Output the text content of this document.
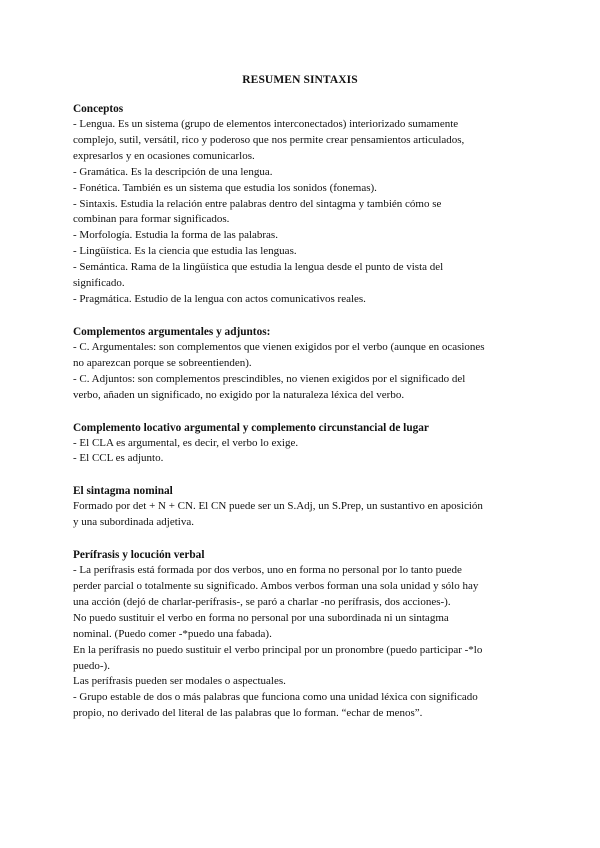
RESUMEN SINTAXIS
Conceptos
- Lengua. Es un sistema (grupo de elementos interconectados) interiorizado sumamente
complejo, sutil, versátil, rico y poderoso que nos permite crear pensamientos articulados,
expresarlos y en ocasiones comunicarlos.
- Gramática. Es la descripción de una lengua.
- Fonética. También es un sistema que estudia los sonidos (fonemas).
- Sintaxis. Estudia la relación entre palabras dentro del sintagma y también cómo se
combinan para formar significados.
- Morfología. Estudia la forma de las palabras.
- Lingüística. Es la ciencia que estudia las lenguas.
- Semántica. Rama de la lingüística que estudia la lengua desde el punto de vista del
significado.
- Pragmática. Estudio de la lengua con actos comunicativos reales.
Complementos argumentales y adjuntos:
- C. Argumentales: son complementos que vienen exigidos por el verbo (aunque en ocasiones
no aparezcan porque se sobreentienden).
- C. Adjuntos: son complementos prescindibles, no vienen exigidos por el significado del
verbo, añaden un significado, no exigido por la naturaleza léxica del verbo.
Complemento locativo argumental y complemento circunstancial de lugar
- El CLA es argumental, es decir, el verbo lo exige.
- El CCL es adjunto.
El sintagma nominal
Formado por det + N + CN. El CN puede ser un S.Adj, un S.Prep, un sustantivo en aposición
y una subordinada adjetiva.
Perífrasis y locución verbal
- La perífrasis está formada por dos verbos, uno en forma no personal por lo tanto puede
perder parcial o totalmente su significado. Ambos verbos forman una sola unidad y sólo hay
una acción (dejó de charlar-perífrasis-, se paró a charlar -no perífrasis, dos acciones-).
No puedo sustituir el verbo en forma no personal por una subordinada ni un sintagma
nominal. (Puedo comer -*puedo una fabada).
En la perífrasis no puedo sustituir el verbo principal por un pronombre (puedo participar -*lo
puedo-).
Las perífrasis pueden ser modales o aspectuales.
- Grupo estable de dos o más palabras que funciona como una unidad léxica con significado
propio, no derivado del literal de las palabras que lo forman. “echar de menos”.
